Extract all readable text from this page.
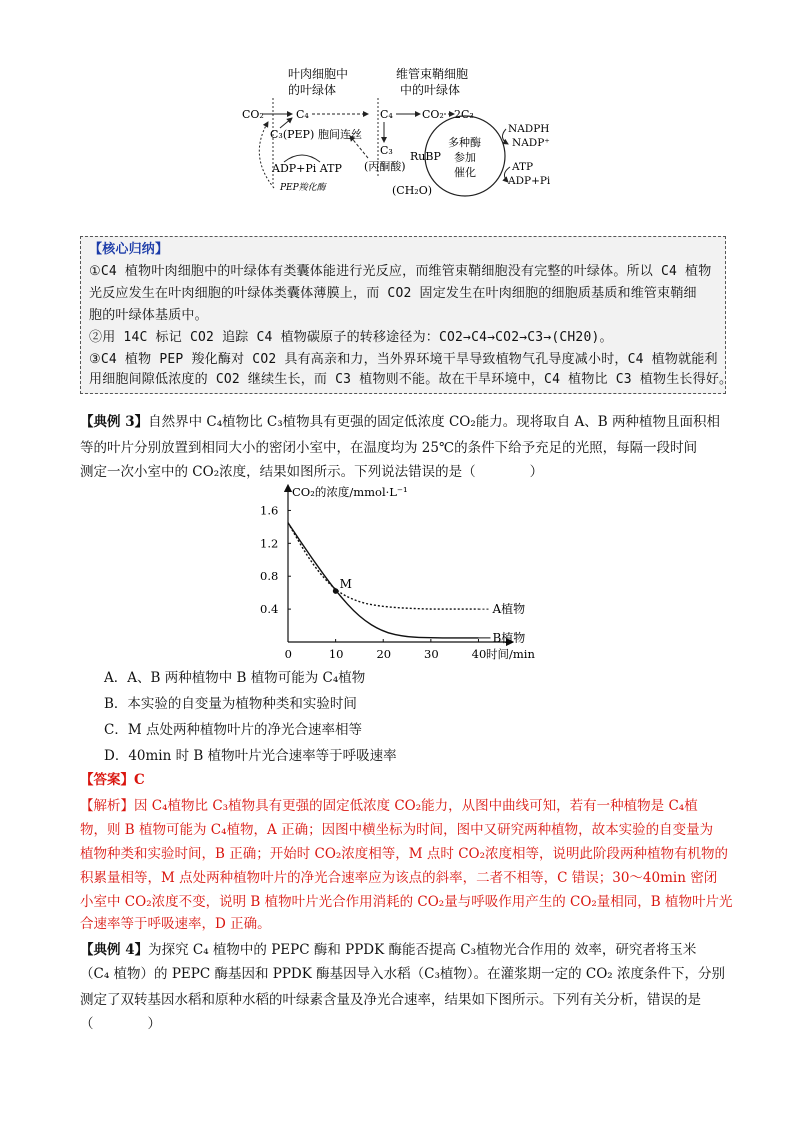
叶肉细胞中
的叶绿体
维管束鞘细胞
中的叶绿体
CO₂	C₄
C₃(PEP) 胞间连丝
ADP+Pi ATP
PEP羧化酶
C₄	CO₂ 2C₃
C₃
(丙酮酸)
多种酶
参加
催化
RuBP
(CH₂O)
NADPH
NADP⁺
ATP
ADP+Pi
【核心归纳】
①C4 植物叶肉细胞中的叶绿体有类囊体能进行光反应，而维管束鞘细胞没有完整的叶绿体。所以 C4 植物
光反应发生在叶肉细胞的叶绿体类囊体薄膜上，而 CO2 固定发生在叶肉细胞的细胞质基质和维管束鞘细
胞的叶绿体基质中。
②用 14C 标记 CO2 追踪 C4 植物碳原子的转移途径为：CO2→C4→CO2→C3→(CH20)。
③C4 植物 PEP 羧化酶对 CO2 具有高亲和力，当外界环境干旱导致植物气孔导度减小时，C4 植物就能利
用细胞间隙低浓度的 CO2 继续生长，而 C3 植物则不能。故在干旱环境中，C4 植物比 C3 植物生长得好。
【典例 3】自然界中 C₄植物比 C₃植物具有更强的固定低浓度 CO₂能力。现将取自 A、B 两种植物且面积相
等的叶片分别放置到相同大小的密闭小室中，在温度均为 25℃的条件下给予充足的光照，每隔一段时间
测定一次小室中的 CO₂浓度，结果如图所示。下列说法错误的是（　　　　）
0	10	20	30	40
0.4
0.8
1.2
1.6
CO₂的浓度/mmol·L⁻¹
时间/min
A植物
B植物
M
A．A、B 两种植物中 B 植物可能为 C₄植物
B．本实验的自变量为植物种类和实验时间
C．M 点处两种植物叶片的净光合速率相等
D．40min 时 B 植物叶片光合速率等于呼吸速率
【答案】C
【解析】因 C₄植物比 C₃植物具有更强的固定低浓度 CO₂能力，从图中曲线可知，若有一种植物是 C₄植
物，则 B 植物可能为 C₄植物，A 正确；因图中横坐标为时间，图中又研究两种植物，故本实验的自变量为
植物种类和实验时间，B 正确；开始时 CO₂浓度相等，M 点时 CO₂浓度相等，说明此阶段两种植物有机物的
积累量相等，M 点处两种植物叶片的净光合速率应为该点的斜率，二者不相等，C 错误；30～40min 密闭
小室中 CO₂浓度不变，说明 B 植物叶片光合作用消耗的 CO₂量与呼吸作用产生的 CO₂量相同，B 植物叶片光
合速率等于呼吸速率，D 正确。
【典例 4】为探究 C₄ 植物中的 PEPC 酶和 PPDK 酶能否提高 C₃植物光合作用的 效率，研究者将玉米
（C₄ 植物）的 PEPC 酶基因和 PPDK 酶基因导入水稻（C₃植物）。在灌浆期一定的 CO₂ 浓度条件下，分别
测定了双转基因水稻和原种水稻的叶绿素含量及净光合速率，结果如下图所示。下列有关分析，错误的是
（　　　　）
